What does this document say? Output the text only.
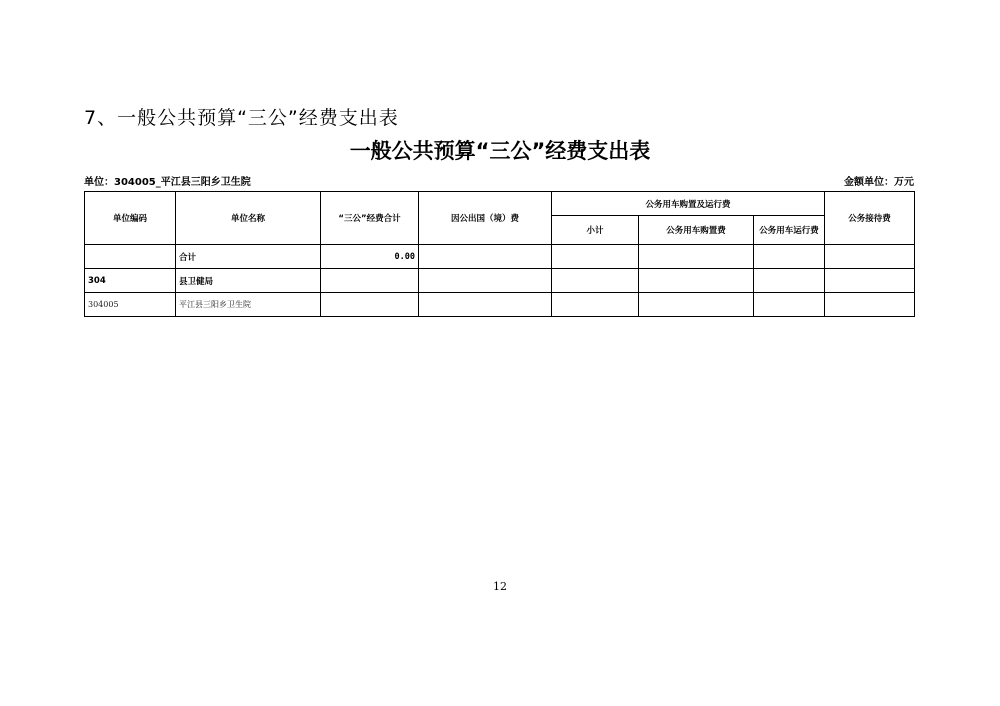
7、一般公共预算“三公”经费支出表
一般公共预算“三公”经费支出表
单位：304005_平江县三阳乡卫生院	金额单位：万元
单位编码	单位名称	“三公”经费合计	因公出国（境）费	公务用车购置及运行费			公务接待费
				小计	公务用车购置费	公务用车运行费	
	合计	0.00					
304	县卫健局						
304005	平江县三阳乡卫生院						
12
